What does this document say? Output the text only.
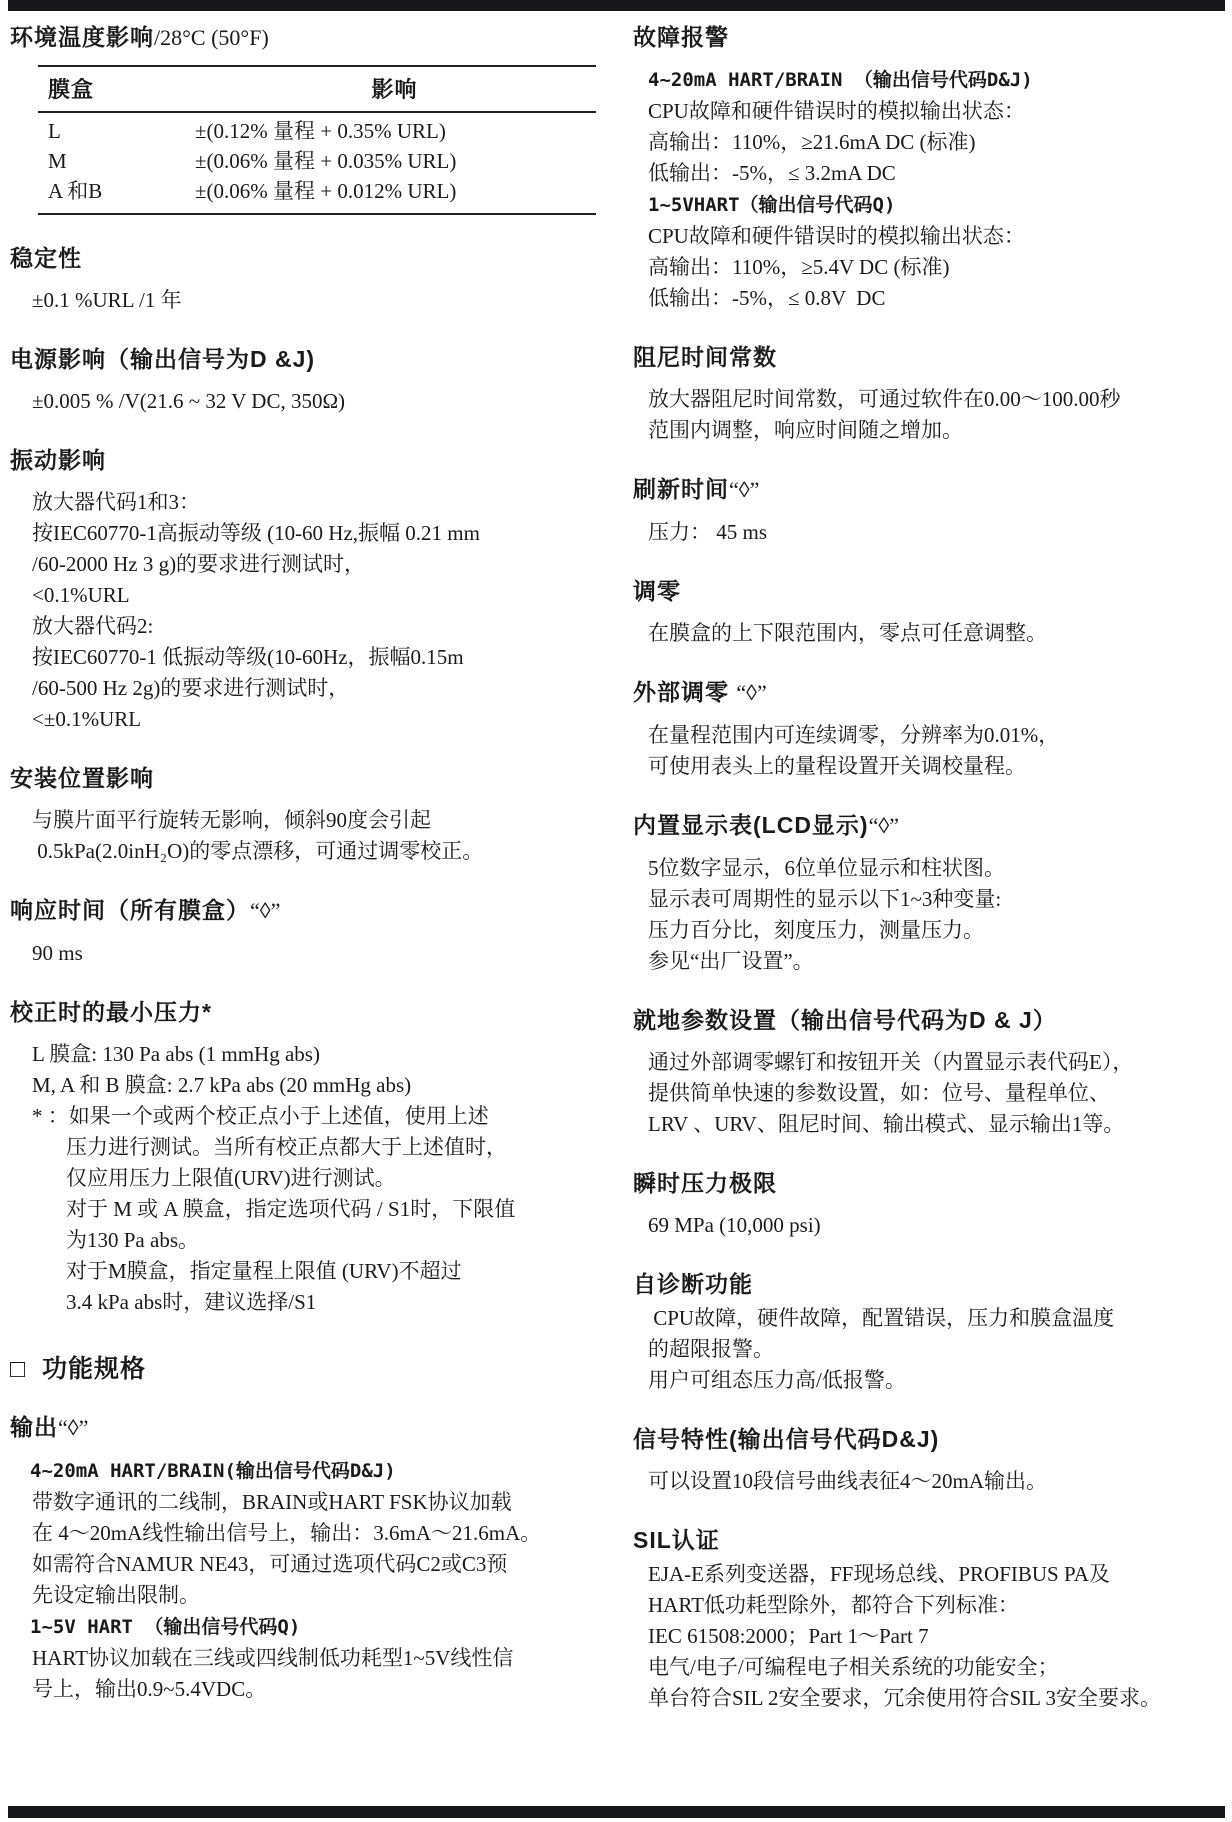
环境温度影响/28°C (50°F)
膜盒	影响
L	±(0.12% 量程 + 0.35% URL)
M	±(0.06% 量程 + 0.035% URL)
A 和B	±(0.06% 量程 + 0.012% URL)
稳定性

±0.1 %URL /1 年

电源影响（输出信号为D &J)

±0.005 % /V(21.6 ~ 32 V DC, 350Ω)

振动影响

放大器代码1和3：

按IEC60770-1高振动等级 (10-60 Hz,振幅 0.21 mm

/60-2000 Hz 3 g)的要求进行测试时，

<0.1%URL

放大器代码2:

按IEC60770-1 低振动等级(10-60Hz，振幅0.15m

/60-500 Hz 2g)的要求进行测试时，

<±0.1%URL

安装位置影响

与膜片面平行旋转无影响，倾斜90度会引起

0.5kPa(2.0inH₂O)的零点漂移，可通过调零校正。

响应时间（所有膜盒）“◊”

90 ms

校正时的最小压力*

L 膜盒: 130 Pa abs (1 mmHg abs)

M, A 和 B 膜盒: 2.7 kPa abs (20 mmHg abs)

* ：如果一个或两个校正点小于上述值，使用上述

压力进行测试。当所有校正点都大于上述值时，

仅应用压力上限值(URV)进行测试。

对于 M 或 A 膜盒，指定选项代码 / S1时，下限值

为130 Pa abs。

对于M膜盒，指定量程上限值 (URV)不超过

3.4 kPa abs时，建议选择/S1

□  功能规格
输出“◊”

4~20mA HART/BRAIN(输出信号代码D&J)

带数字通讯的二线制，BRAIN或HART FSK协议加载

在 4～20mA线性输出信号上，输出：3.6mA～21.6mA。

如需符合NAMUR NE43，可通过选项代码C2或C3预

先设定输出限制。

1~5V HART （输出信号代码Q)

HART协议加载在三线或四线制低功耗型1~5V线性信

号上，输出0.9~5.4VDC。

故障报警

4~20mA HART/BRAIN （输出信号代码D&J)

CPU故障和硬件错误时的模拟输出状态：

高输出：110%，≥21.6mA DC (标准)

低输出：-5%，≤ 3.2mA DC

1~5VHART（输出信号代码Q)

CPU故障和硬件错误时的模拟输出状态：

高输出：110%，≥5.4V DC (标准)

低输出：-5%，≤ 0.8V  DC

阻尼时间常数

放大器阻尼时间常数，可通过软件在0.00～100.00秒

范围内调整，响应时间随之增加。

刷新时间“◊”

压力： 45 ms

调零

在膜盒的上下限范围内，零点可任意调整。

外部调零 “◊”

在量程范围内可连续调零，分辨率为0.01%，

可使用表头上的量程设置开关调校量程。

内置显示表(LCD显示)“◊”

5位数字显示，6位单位显示和柱状图。

显示表可周期性的显示以下1~3种变量:

压力百分比，刻度压力，测量压力。

参见“出厂设置”。

就地参数设置（输出信号代码为D & J）

通过外部调零螺钉和按钮开关（内置显示表代码E），

提供简单快速的参数设置，如：位号、量程单位、

LRV 、URV、阻尼时间、输出模式、显示输出1等。

瞬时压力极限

69 MPa (10,000 psi)

自诊断功能

CPU故障，硬件故障，配置错误，压力和膜盒温度

的超限报警。

用户可组态压力高/低报警。

信号特性(输出信号代码D&J)

可以设置10段信号曲线表征4～20mA输出。

SIL认证

EJA-E系列变送器，FF现场总线、PROFIBUS PA及

HART低功耗型除外，都符合下列标准：

IEC 61508:2000；Part 1～Part 7

电气/电子/可编程电子相关系统的功能安全；

单台符合SIL 2安全要求，冗余使用符合SIL 3安全要求。
